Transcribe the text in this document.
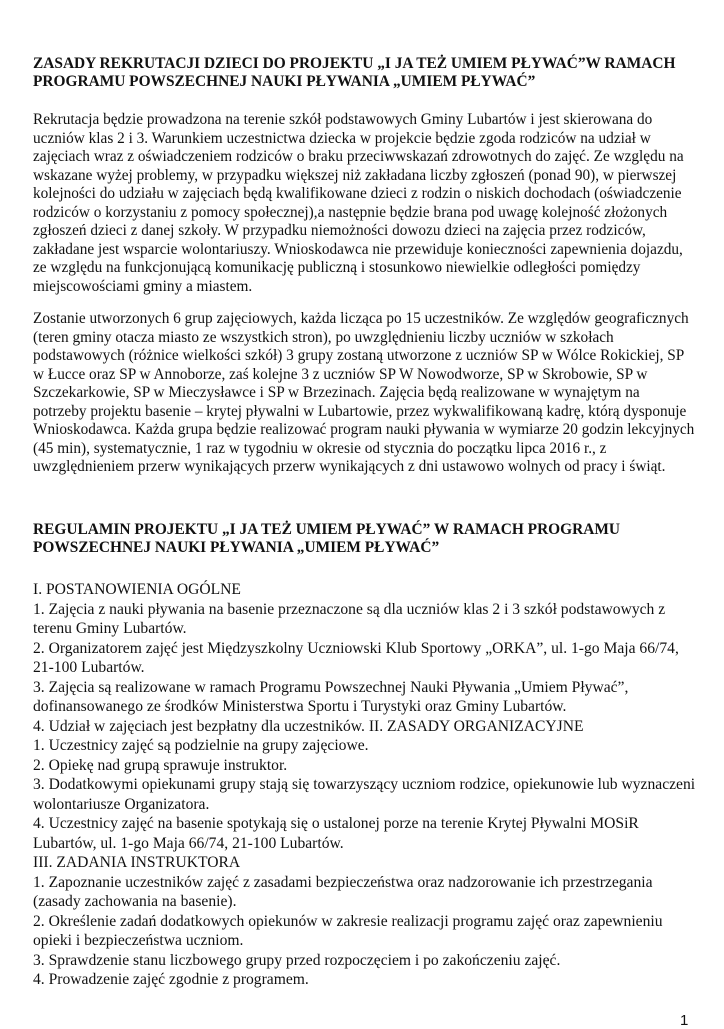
ZASADY REKRUTACJI DZIECI DO PROJEKTU „I JA TEŻ UMIEM PŁYWAĆ”W RAMACH PROGRAMU POWSZECHNEJ NAUKI PŁYWANIA „UMIEM PŁYWAĆ”

Rekrutacja będzie prowadzona na terenie szkół podstawowych Gminy Lubartów i jest skierowana do uczniów klas 2 i 3. Warunkiem uczestnictwa dziecka w projekcie będzie zgoda rodziców na udział w zajęciach wraz z oświadczeniem rodziców o braku przeciwwskazań zdrowotnych do zajęć. Ze względu na wskazane wyżej problemy, w przypadku większej niż zakładana liczby zgłoszeń (ponad 90), w pierwszej kolejności do udziału w zajęciach będą kwalifikowane dzieci z rodzin o niskich dochodach (oświadczenie rodziców o korzystaniu z pomocy społecznej),a następnie będzie brana pod uwagę kolejność złożonych zgłoszeń dzieci z danej szkoły. W przypadku niemożności dowozu dzieci na zajęcia przez rodziców, zakładane jest wsparcie wolontariuszy. Wnioskodawca nie przewiduje konieczności zapewnienia dojazdu, ze względu na funkcjonującą komunikację publiczną i stosunkowo niewielkie odległości pomiędzy miejscowościami gminy a miastem.

Zostanie utworzonych 6 grup zajęciowych, każda licząca po 15 uczestników. Ze względów geograficznych (teren gminy otacza miasto ze wszystkich stron), po uwzględnieniu liczby uczniów w szkołach podstawowych (różnice wielkości szkół) 3 grupy zostaną utworzone z uczniów SP w Wólce Rokickiej, SP w Łucce oraz SP w Annoborze, zaś kolejne 3 z uczniów SP W Nowodworze, SP w Skrobowie, SP w Szczekarkowie, SP w Mieczysławce i SP w Brzezinach. Zajęcia będą realizowane w wynajętym na potrzeby projektu basenie – krytej pływalni w Lubartowie, przez wykwalifikowaną kadrę, którą dysponuje Wnioskodawca. Każda grupa będzie realizować program nauki pływania w wymiarze 20 godzin lekcyjnych (45 min), systematycznie, 1 raz w tygodniu w okresie od stycznia do początku lipca 2016 r., z uwzględnieniem przerw wynikających przerw wynikających z dni ustawowo wolnych od pracy i świąt.

REGULAMIN PROJEKTU „I JA TEŻ UMIEM PŁYWAĆ” W RAMACH PROGRAMU POWSZECHNEJ NAUKI PŁYWANIA „UMIEM PŁYWAĆ”

I. POSTANOWIENIA OGÓLNE

1. Zajęcia z nauki pływania na basenie przeznaczone są dla uczniów klas 2 i 3 szkół podstawowych z terenu Gminy Lubartów.

2. Organizatorem zajęć jest Międzyszkolny Uczniowski Klub Sportowy „ORKA”, ul. 1-go Maja 66/74, 21-100 Lubartów.

3. Zajęcia są realizowane w ramach Programu Powszechnej Nauki Pływania „Umiem Pływać”, dofinansowanego ze środków Ministerstwa Sportu i Turystyki oraz Gminy Lubartów.

4. Udział w zajęciach jest bezpłatny dla uczestników. II. ZASADY ORGANIZACYJNE

1. Uczestnicy zajęć są podzielnie na grupy zajęciowe.

2. Opiekę nad grupą sprawuje instruktor.

3. Dodatkowymi opiekunami grupy stają się towarzyszący uczniom rodzice, opiekunowie lub wyznaczeni wolontariusze Organizatora.

4. Uczestnicy zajęć na basenie spotykają się o ustalonej porze na terenie Krytej Pływalni MOSiR Lubartów, ul. 1-go Maja 66/74, 21-100 Lubartów.

III. ZADANIA INSTRUKTORA

1. Zapoznanie uczestników zajęć z zasadami bezpieczeństwa oraz nadzorowanie ich przestrzegania (zasady zachowania na basenie).

2. Określenie zadań dodatkowych opiekunów w zakresie realizacji programu zajęć oraz zapewnieniu opieki i bezpieczeństwa uczniom.

3. Sprawdzenie stanu liczbowego grupy przed rozpoczęciem i po zakończeniu zajęć.

4. Prowadzenie zajęć zgodnie z programem.

1
